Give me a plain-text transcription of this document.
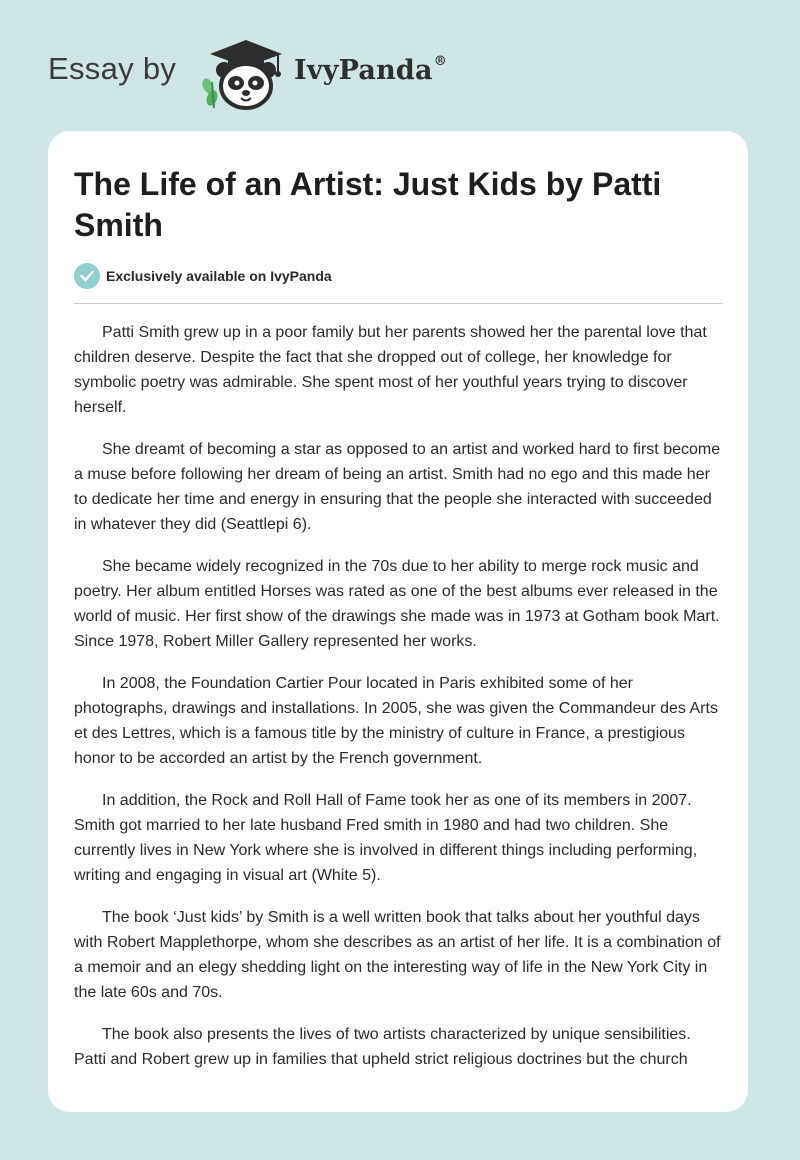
Essay by	IvyPanda®
The Life of an Artist: Just Kids by Patti Smith
Exclusively available on IvyPanda

Patti Smith grew up in a poor family but her parents showed her the parental love that children deserve. Despite the fact that she dropped out of college, her knowledge for symbolic poetry was admirable. She spent most of her youthful years trying to discover herself.

She dreamt of becoming a star as opposed to an artist and worked hard to first become a muse before following her dream of being an artist. Smith had no ego and this made her to dedicate her time and energy in ensuring that the people she interacted with succeeded in whatever they did (Seattlepi 6).

She became widely recognized in the 70s due to her ability to merge rock music and poetry. Her album entitled Horses was rated as one of the best albums ever released in the world of music. Her first show of the drawings she made was in 1973 at Gotham book Mart. Since 1978, Robert Miller Gallery represented her works.

In 2008, the Foundation Cartier Pour located in Paris exhibited some of her photographs, drawings and installations. In 2005, she was given the Commandeur des Arts et des Lettres, which is a famous title by the ministry of culture in France, a prestigious honor to be accorded an artist by the French government.

In addition, the Rock and Roll Hall of Fame took her as one of its members in 2007. Smith got married to her late husband Fred smith in 1980 and had two children. She currently lives in New York where she is involved in different things including performing, writing and engaging in visual art (White 5).

The book ‘Just kids’ by Smith is a well written book that talks about her youthful days with Robert Mapplethorpe, whom she describes as an artist of her life. It is a combination of a memoir and an elegy shedding light on the interesting way of life in the New York City in the late 60s and 70s.

The book also presents the lives of two artists characterized by unique sensibilities. Patti and Robert grew up in families that upheld strict religious doctrines but the church
